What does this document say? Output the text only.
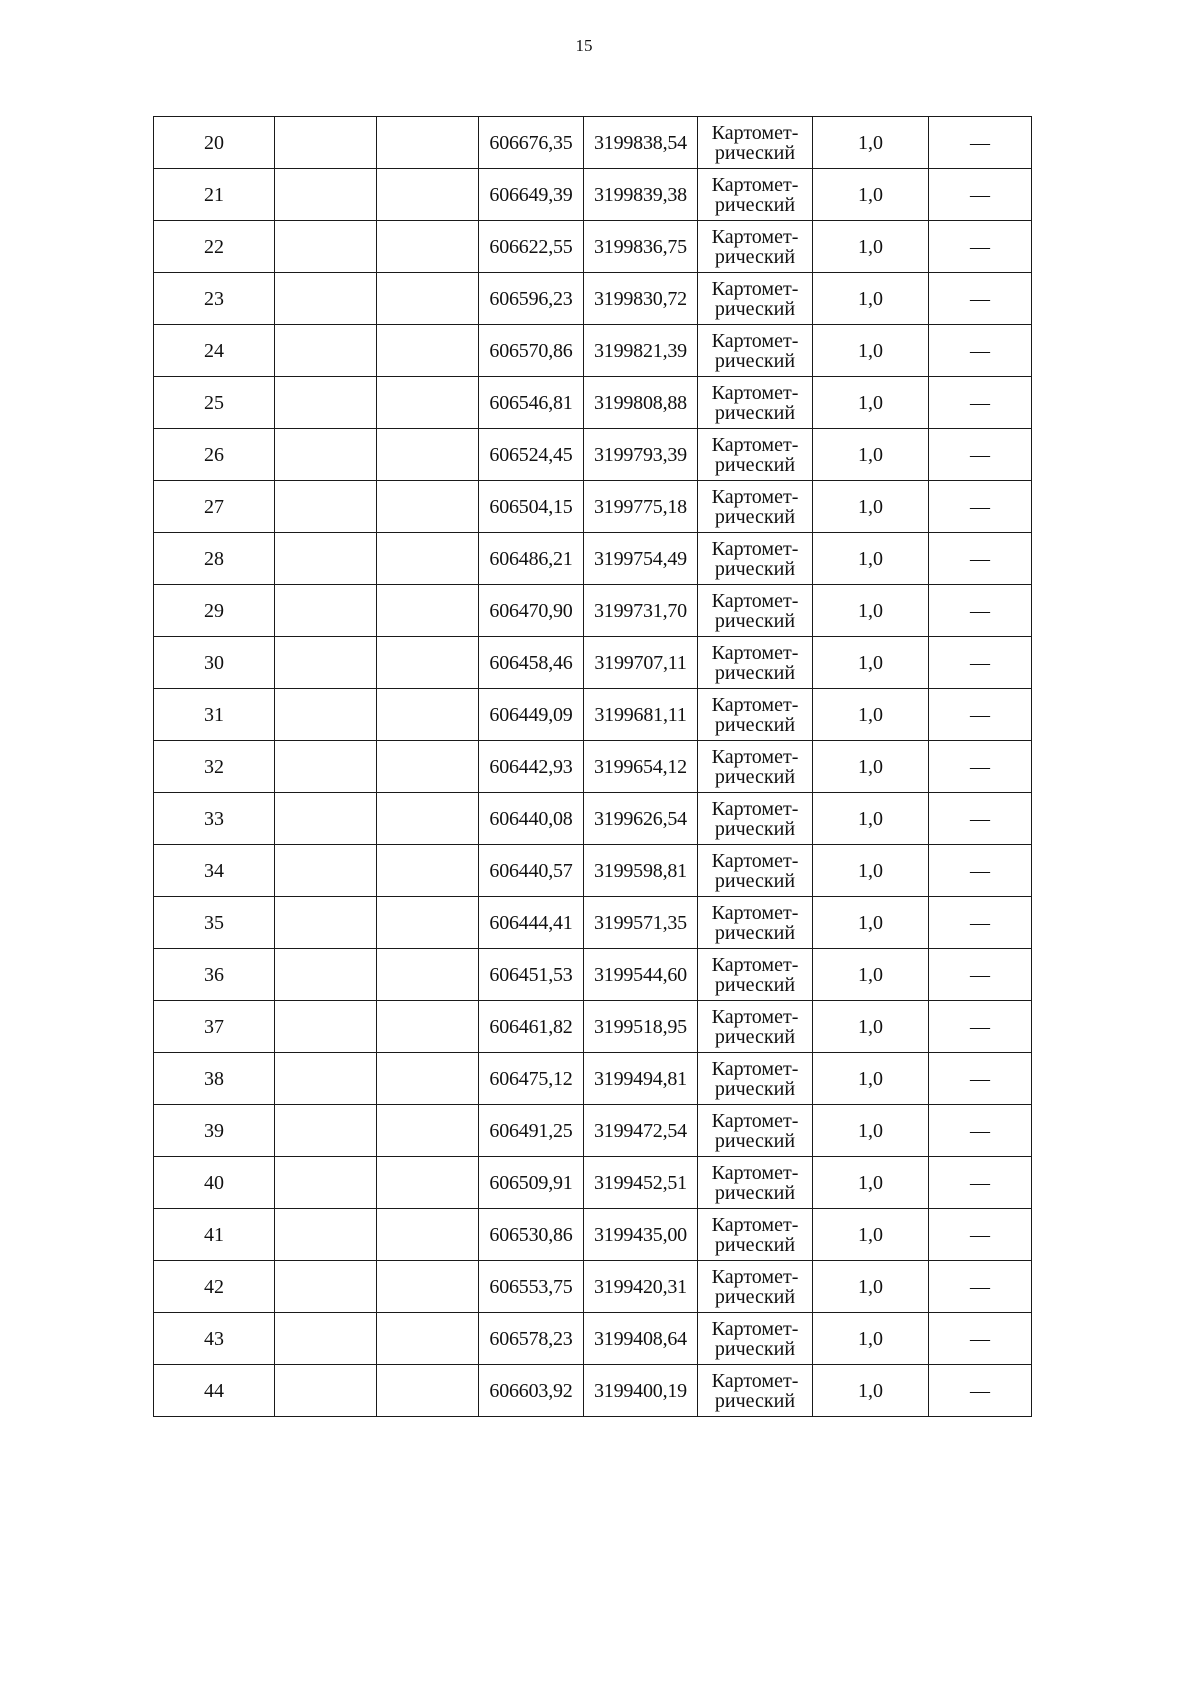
15
20			606676,35	3199838,54	Картомет-
рический	1,0	—
21			606649,39	3199839,38	Картомет-
рический	1,0	—
22			606622,55	3199836,75	Картомет-
рический	1,0	—
23			606596,23	3199830,72	Картомет-
рический	1,0	—
24			606570,86	3199821,39	Картомет-
рический	1,0	—
25			606546,81	3199808,88	Картомет-
рический	1,0	—
26			606524,45	3199793,39	Картомет-
рический	1,0	—
27			606504,15	3199775,18	Картомет-
рический	1,0	—
28			606486,21	3199754,49	Картомет-
рический	1,0	—
29			606470,90	3199731,70	Картомет-
рический	1,0	—
30			606458,46	3199707,11	Картомет-
рический	1,0	—
31			606449,09	3199681,11	Картомет-
рический	1,0	—
32			606442,93	3199654,12	Картомет-
рический	1,0	—
33			606440,08	3199626,54	Картомет-
рический	1,0	—
34			606440,57	3199598,81	Картомет-
рический	1,0	—
35			606444,41	3199571,35	Картомет-
рический	1,0	—
36			606451,53	3199544,60	Картомет-
рический	1,0	—
37			606461,82	3199518,95	Картомет-
рический	1,0	—
38			606475,12	3199494,81	Картомет-
рический	1,0	—
39			606491,25	3199472,54	Картомет-
рический	1,0	—
40			606509,91	3199452,51	Картомет-
рический	1,0	—
41			606530,86	3199435,00	Картомет-
рический	1,0	—
42			606553,75	3199420,31	Картомет-
рический	1,0	—
43			606578,23	3199408,64	Картомет-
рический	1,0	—
44			606603,92	3199400,19	Картомет-
рический	1,0	—
